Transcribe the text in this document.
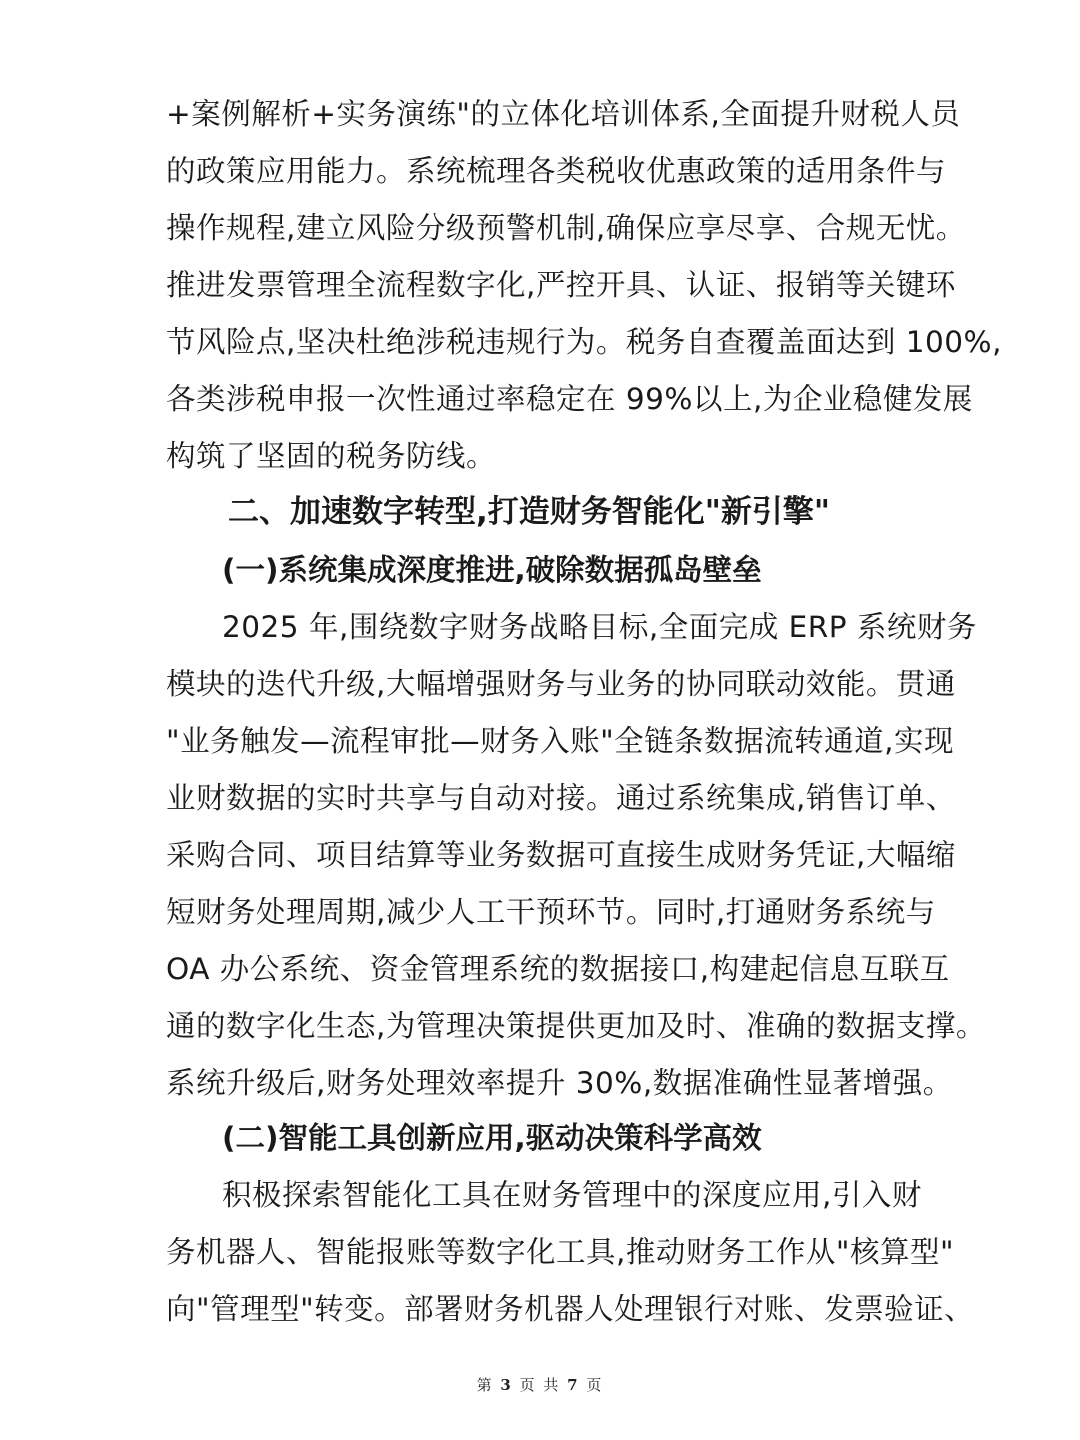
+案例解析+实务演练"的立体化培训体系,全面提升财税人员
的政策应用能力。系统梳理各类税收优惠政策的适用条件与
操作规程,建立风险分级预警机制,确保应享尽享、合规无忧。
推进发票管理全流程数字化,严控开具、认证、报销等关键环
节风险点,坚决杜绝涉税违规行为。税务自查覆盖面达到 100%,
各类涉税申报一次性通过率稳定在 99%以上,为企业稳健发展
构筑了坚固的税务防线。
二、加速数字转型,打造财务智能化"新引擎"
(一)系统集成深度推进,破除数据孤岛壁垒
2025 年,围绕数字财务战略目标,全面完成 ERP 系统财务
模块的迭代升级,大幅增强财务与业务的协同联动效能。贯通
"业务触发—流程审批—财务入账"全链条数据流转通道,实现
业财数据的实时共享与自动对接。通过系统集成,销售订单、
采购合同、项目结算等业务数据可直接生成财务凭证,大幅缩
短财务处理周期,减少人工干预环节。同时,打通财务系统与
OA 办公系统、资金管理系统的数据接口,构建起信息互联互
通的数字化生态,为管理决策提供更加及时、准确的数据支撑。
系统升级后,财务处理效率提升 30%,数据准确性显著增强。
(二)智能工具创新应用,驱动决策科学高效
积极探索智能化工具在财务管理中的深度应用,引入财
务机器人、智能报账等数字化工具,推动财务工作从"核算型"
向"管理型"转变。部署财务机器人处理银行对账、发票验证、
第 3 页 共 7 页
